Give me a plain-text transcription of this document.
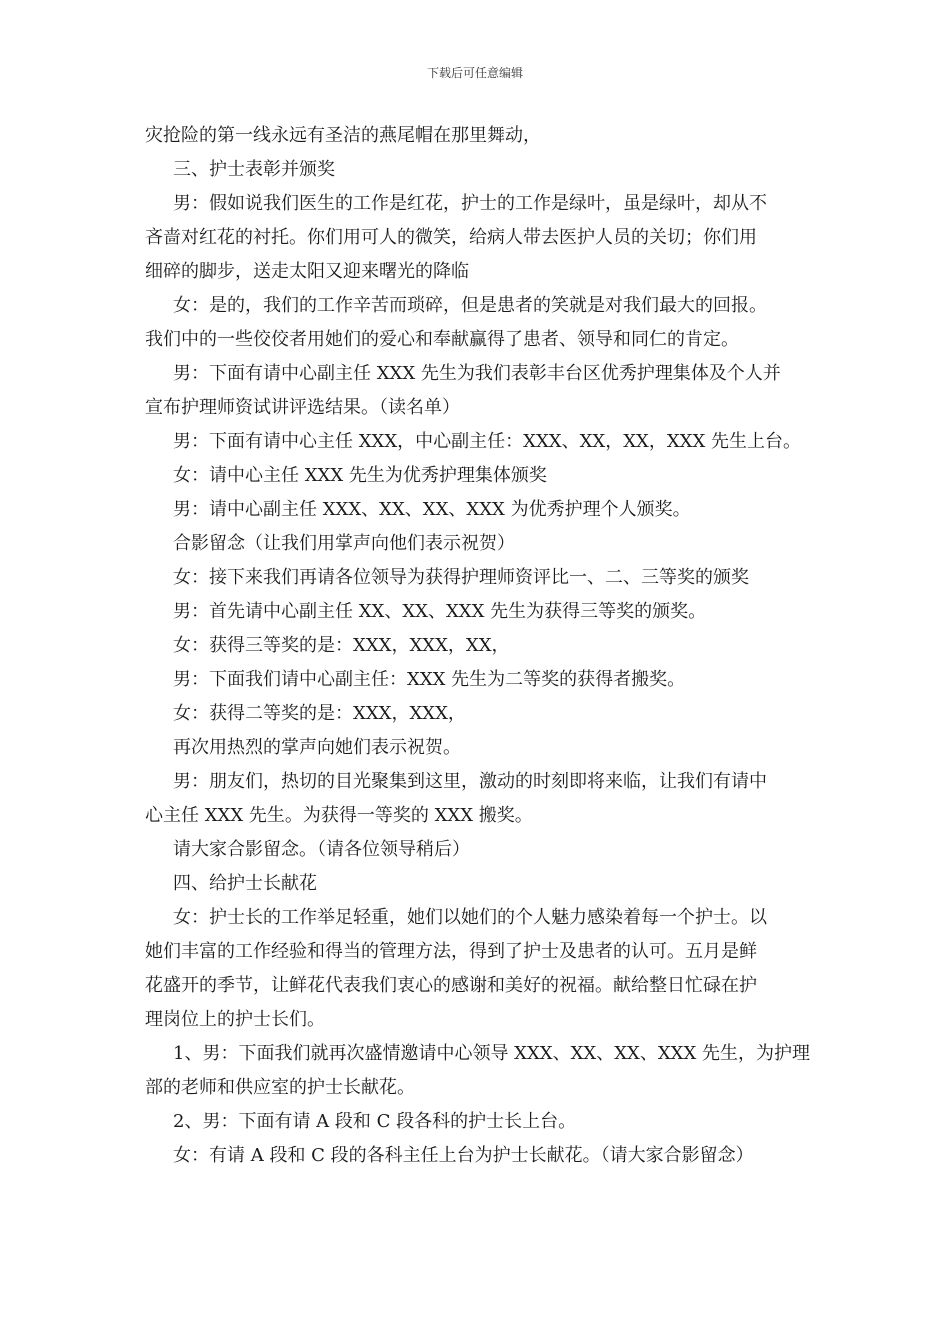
下载后可任意编辑
灾抢险的第一线永远有圣洁的燕尾帽在那里舞动，
三、护士表彰并颁奖
男：假如说我们医生的工作是红花，护士的工作是绿叶，虽是绿叶，却从不
吝啬对红花的衬托。你们用可人的微笑，给病人带去医护人员的关切；你们用
细碎的脚步，送走太阳又迎来曙光的降临
女：是的，我们的工作辛苦而琐碎，但是患者的笑就是对我们最大的回报。
我们中的一些佼佼者用她们的爱心和奉献赢得了患者、领导和同仁的肯定。
男：下面有请中心副主任 XXX 先生为我们表彰丰台区优秀护理集体及个人并
宣布护理师资试讲评选结果。（读名单）
男：下面有请中心主任 XXX，中心副主任：XXX、XX，XX，XXX 先生上台。
女：请中心主任 XXX 先生为优秀护理集体颁奖
男：请中心副主任 XXX、XX、XX、XXX 为优秀护理个人颁奖。
合影留念（让我们用掌声向他们表示祝贺）
女：接下来我们再请各位领导为获得护理师资评比一、二、三等奖的颁奖
男：首先请中心副主任 XX、XX、XXX 先生为获得三等奖的颁奖。
女：获得三等奖的是：XXX，XXX，XX，
男：下面我们请中心副主任：XXX 先生为二等奖的获得者搬奖。
女：获得二等奖的是：XXX，XXX，
再次用热烈的掌声向她们表示祝贺。
男：朋友们，热切的目光聚集到这里，激动的时刻即将来临，让我们有请中
心主任 XXX 先生。为获得一等奖的 XXX 搬奖。
请大家合影留念。（请各位领导稍后）
四、给护士长献花
女：护士长的工作举足轻重，她们以她们的个人魅力感染着每一个护士。以
她们丰富的工作经验和得当的管理方法，得到了护士及患者的认可。五月是鲜
花盛开的季节，让鲜花代表我们衷心的感谢和美好的祝福。献给整日忙碌在护
理岗位上的护士长们。
1、男：下面我们就再次盛情邀请中心领导 XXX、XX、XX、XXX 先生，为护理
部的老师和供应室的护士长献花。
2、男：下面有请 A 段和 C 段各科的护士长上台。
女：有请 A 段和 C 段的各科主任上台为护士长献花。（请大家合影留念）
